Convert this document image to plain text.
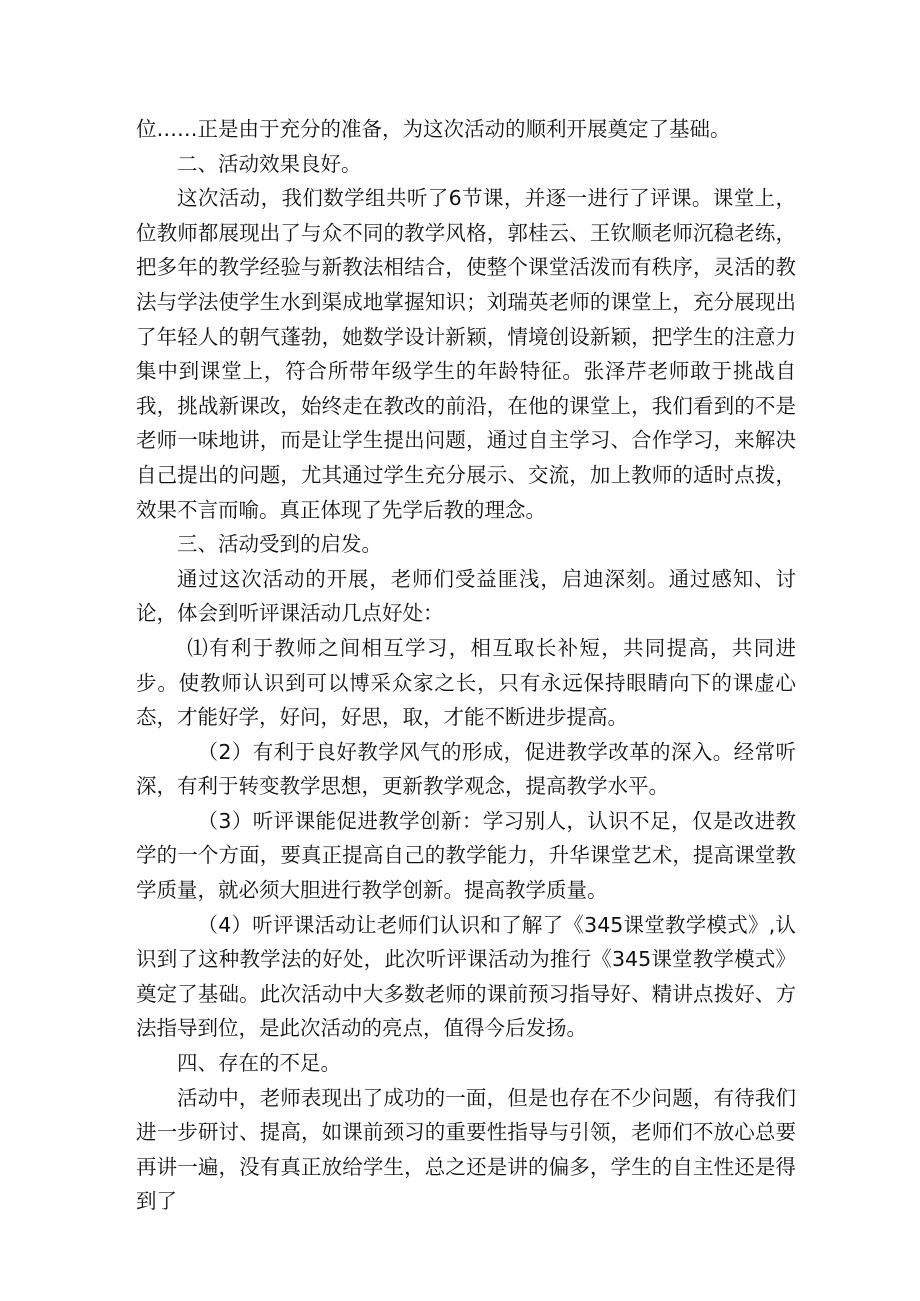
位……正是由于充分的准备，为这次活动的顺利开展奠定了基础。

二、活动效果良好。

这次活动，我们数学组共听了6节课，并逐一进行了评课。课堂上，位教师都展现出了与众不同的教学风格，郭桂云、王钦顺老师沉稳老练，把多年的教学经验与新教法相结合，使整个课堂活泼而有秩序，灵活的教法与学法使学生水到渠成地掌握知识；刘瑞英老师的课堂上，充分展现出了年轻人的朝气蓬勃，她数学设计新颖，情境创设新颖，把学生的注意力集中到课堂上，符合所带年级学生的年龄特征。张泽芹老师敢于挑战自我，挑战新课改，始终走在教改的前沿，在他的课堂上，我们看到的不是老师一味地讲，而是让学生提出问题，通过自主学习、合作学习，来解决自己提出的问题，尤其通过学生充分展示、交流，加上教师的适时点拨，效果不言而喻。真正体现了先学后教的理念。

三、活动受到的启发。

通过这次活动的开展，老师们受益匪浅，启迪深刻。通过感知、讨论，体会到听评课活动几点好处：

⑴有利于教师之间相互学习，相互取长补短，共同提高，共同进步。使教师认识到可以博采众家之长，只有永远保持眼睛向下的课虚心态，才能好学，好问，好思，取，才能不断进步提高。

（2）有利于良好教学风气的形成，促进教学改革的深入。经常听深，有利于转变教学思想，更新教学观念，提高教学水平。

（3）听评课能促进教学创新：学习别人，认识不足，仅是改进教学的一个方面，要真正提高自己的教学能力，升华课堂艺术，提高课堂教学质量，就必须大胆进行教学创新。提高教学质量。

（4）听评课活动让老师们认识和了解了《345课堂教学模式》,认识到了这种教学法的好处，此次听评课活动为推行《345课堂教学模式》奠定了基础。此次活动中大多数老师的课前预习指导好、精讲点拨好、方法指导到位，是此次活动的亮点，值得今后发扬。

四、存在的不足。

活动中，老师表现出了成功的一面，但是也存在不少问题，有待我们进一步研讨、提高，如课前颈习的重要性指导与引领，老师们不放心总要再讲一遍，没有真正放给学生，总之还是讲的偏多，学生的自主性还是得到了
